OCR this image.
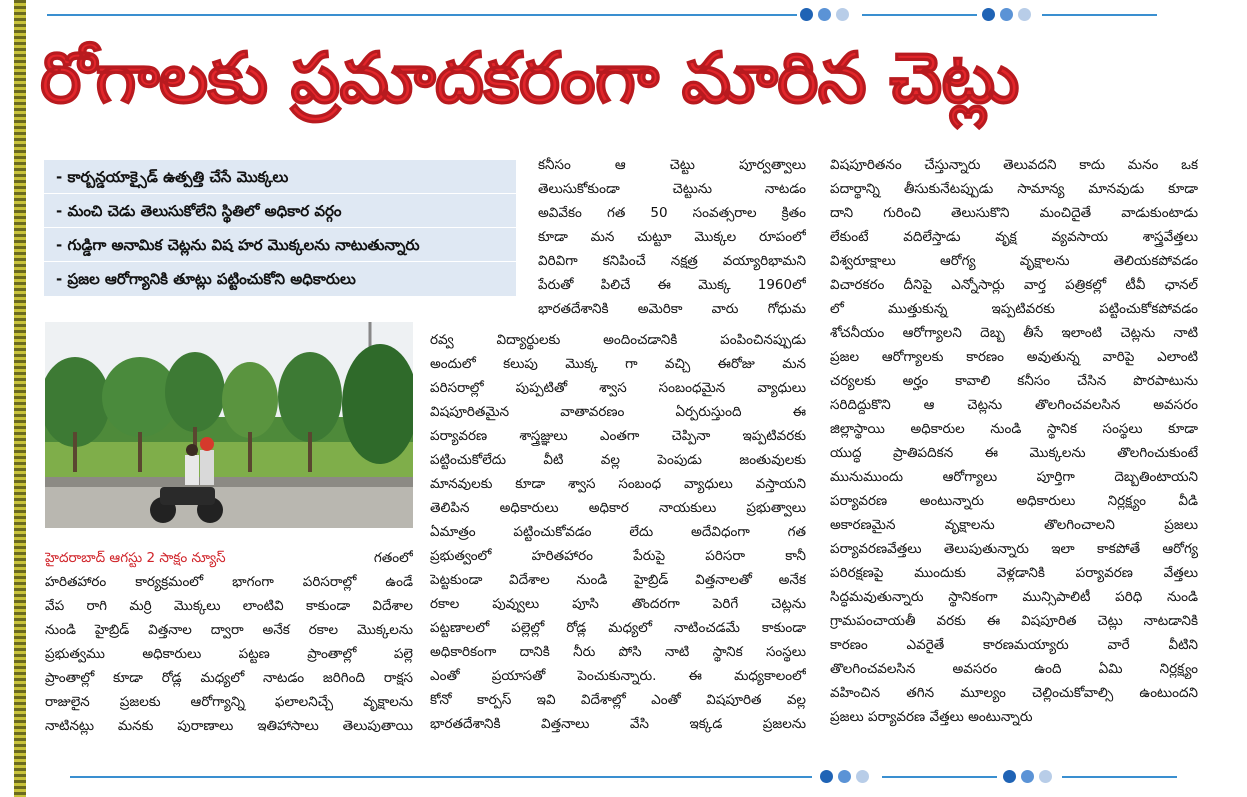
రోగాలకు ప్రమాదకరంగా మారిన చెట్లు
- కార్బన్డయాక్సైడ్ ఉత్పత్తి చేసే మొక్కలు
- మంచి చెడు తెలుసుకోలేని స్థితిలో అధికార వర్గం
- గుడ్డిగా అనామిక చెట్లను విష హర మొక్కలను నాటుతున్నారు
- ప్రజల ఆరోగ్యానికి తూట్లు పట్టించుకోని అధికారులు
హైదరాబాద్ ఆగస్టు 2 సాక్షం న్యూస్	గతంలో
హరితహారం కార్యక్రమంలో భాగంగా పరిసరాల్లో ఉండే
వేప రాగి మర్రి మొక్కలు లాంటివి కాకుండా విదేశాల
నుండి హైబ్రిడ్ విత్తనాల ద్వారా అనేక రకాల మొక్కలను
ప్రభుత్వము అధికారులు పట్టణ ప్రాంతాల్లో పల్లె
ప్రాంతాల్లో కూడా రోడ్ల మధ్యలో నాటడం జరిగింది రాక్షస
రాజులైన ప్రజలకు ఆరోగ్యాన్ని ఫలాలనిచ్చే వృక్షాలను
నాటినట్లు మనకు పురాణాలు ఇతిహాసాలు తెలుపుతాయి
కనీసం ఆ చెట్టు పూర్వత్వాలు
తెలుసుకోకుండా చెట్టును నాటడం
అవివేకం గత 50 సంవత్సరాల క్రితం
కూడా మన చుట్టూ మొక్కల రూపంలో
విరివిగా కనిపించే నక్షత్ర వయ్యారిభామని
పేరుతో పిలిచే ఈ మొక్క 1960లో
భారతదేశానికి అమెరికా వారు గోధుమ
రవ్వ విద్యార్థులకు అందించడానికి పంపించినప్పుడు
అందులో కలుపు మొక్క గా వచ్చి ఈరోజు మన
పరిసరాల్లో పుప్పటితో శ్వాస సంబంధమైన వ్యాధులు
విషపూరితమైన వాతావరణం ఏర్పరుస్తుంది ఈ
పర్యావరణ శాస్త్రజ్ఞులు ఎంతగా చెప్పినా ఇప్పటివరకు
పట్టించుకోలేదు వీటి వల్ల పెంపుడు జంతువులకు
మానవులకు కూడా శ్వాస సంబంధ వ్యాధులు వస్తాయని
తెలిపిన అధికారులు అధికార నాయకులు ప్రభుత్వాలు
ఏమాత్రం పట్టించుకోవడం లేదు అదేవిధంగా గత
ప్రభుత్వంలో హరితహారం పేరుపై పరిసరా కానీ
పెట్టకుండా విదేశాల నుండి హైబ్రిడ్ విత్తనాలతో అనేక
రకాల పువ్వులు పూసి తొందరగా పెరిగే చెట్లను
పట్టణాలలో పల్లెల్లో రోడ్ల మధ్యలో నాటించడమే కాకుండా
అధికారికంగా దానికి నీరు పోసి నాటి స్థానిక సంస్థలు
ఎంతో ప్రయాసతో పెంచుకున్నారు. ఈ మధ్యకాలంలో
కోనో కార్పస్ ఇవి విదేశాల్లో ఎంతో విషపూరిత వల్ల
భారతదేశానికి విత్తనాలు వేసి ఇక్కడ ప్రజలను
విషపూరితనం చేస్తున్నారు తెలువదని కాదు మనం ఒక
పదార్థాన్ని తీసుకునేటప్పుడు సామాన్య మానవుడు కూడా
దాని గురించి తెలుసుకొని మంచిదైతే వాడుకుంటాడు
లేకుంటే వదిలేస్తాడు వృక్ష వ్యవసాయ శాస్త్రవేత్తలు
విశ్వరూక్షాలు ఆరోగ్య వృక్షాలను తెలియకపోవడం
విచారకరం దీనిపై ఎన్నోసార్లు వార్త పత్రికల్లో టీవీ ఛానల్
లో ముత్తుకున్న ఇప్పటివరకు పట్టించుకోకపోవడం
శోచనీయం ఆరోగ్యాలని దెబ్బ తీసే ఇలాంటి చెట్లను నాటి
ప్రజల ఆరోగ్యాలకు కారణం అవుతున్న వారిపై ఎలాంటి
చర్యలకు అర్హం కావాలి కనీసం చేసిన పొరపాటును
సరిదిద్దుకొని ఆ చెట్లను తొలగించవలసిన అవసరం
జిల్లాస్థాయి అధికారుల నుండి స్థానిక సంస్థలు కూడా
యుద్ధ ప్రాతిపదికన ఈ మొక్కలను తొలగించుకుంటే
మునుముందు ఆరోగ్యాలు పూర్తిగా దెబ్బతింటాయని
పర్యావరణ అంటున్నారు అధికారులు నిర్లక్ష్యం వీడి
అకారణమైన వృక్షాలను తొలగించాలని ప్రజలు
పర్యావరణవేత్తలు తెలుపుతున్నారు ఇలా కాకపోతే ఆరోగ్య
పరిరక్షణపై ముందుకు వెళ్లడానికి పర్యావరణ వేత్తలు
సిద్ధమవుతున్నారు స్థానికంగా మున్సిపాలిటీ పరిధి నుండి
గ్రామపంచాయతీ వరకు ఈ విషపూరిత చెట్లు నాటడానికి
కారణం ఎవరైతే కారణమయ్యారు వారే వీటిని
తొలగించవలసిన అవసరం ఉంది ఏమి నిర్లక్ష్యం
వహించిన తగిన మూల్యం చెల్లించుకోవాల్సి ఉంటుందని
ప్రజలు పర్యావరణ వేత్తలు అంటున్నారు
